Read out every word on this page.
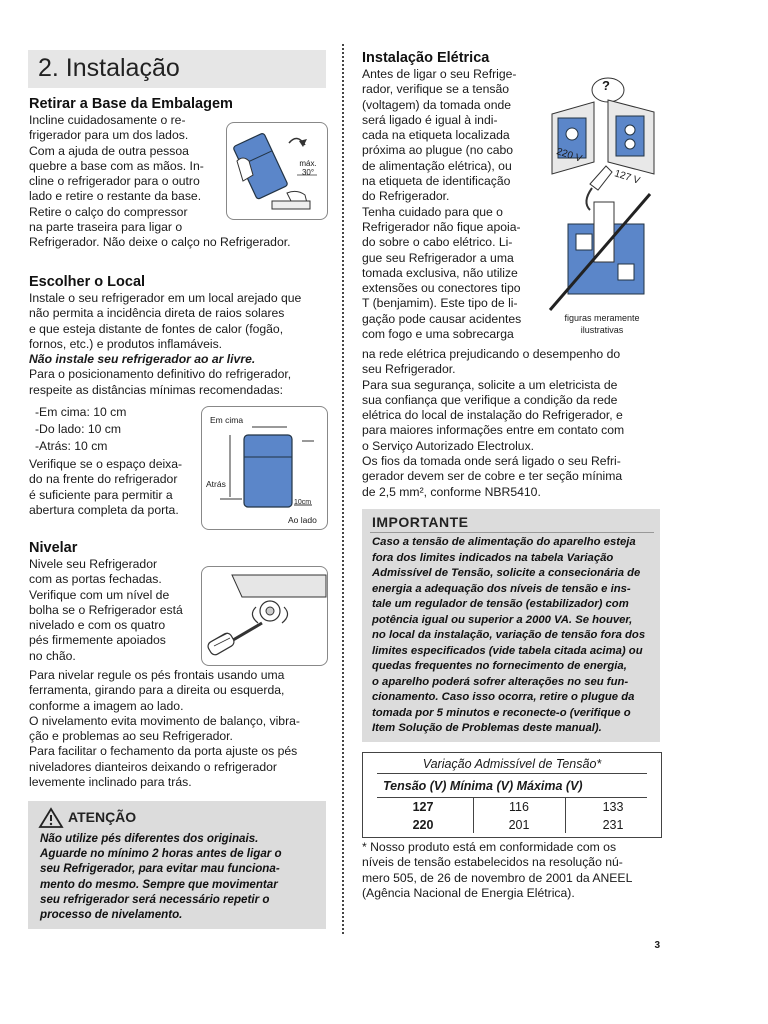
2. Instalação
Retirar a Base da Embalagem

Incline cuidadosamente o re-

frigerador para um dos lados.

Com a ajuda de outra pessoa

quebre a base com as mãos. In-

cline o refrigerador para o outro

lado e retire o restante da base.

Retire o calço do compressor

na parte traseira para ligar o

Refrigerador. Não deixe o calço no Refrigerador.

máx. 30°
Escolher o Local

Instale o seu refrigerador em um local arejado que

não permita a incidência direta de raios solares

e que esteja distante de fontes de calor (fogão,

fornos, etc.) e produtos inflamáveis.

Não instale seu refrigerador ao ar livre.

Para o posicionamento definitivo do refrigerador,

respeite as distâncias mínimas recomendadas:

-Em cima: 10 cm

-Do lado: 10 cm

-Atrás: 10 cm

Verifique se o espaço deixa-

do na frente do refrigerador

é suficiente para permitir a

abertura completa da porta.

Em cima
Atrás
Ao lado
10cm
Nivelar

Nivele seu Refrigerador

com as portas fechadas.

Verifique com um nível de

bolha se o Refrigerador está

nivelado e com os quatro

pés firmemente apoiados

no chão.

Para nivelar regule os pés frontais usando uma

ferramenta, girando para a direita ou esquerda,

conforme a imagem ao lado.

O nivelamento evita movimento de balanço, vibra-

ção e problemas ao seu Refrigerador.

Para facilitar o fechamento da porta ajuste os pés

niveladores dianteiros deixando o refrigerador

levemente inclinado para trás.

ATENÇÃO

Não utilize pés diferentes dos originais.

Aguarde no mínimo 2 horas antes de ligar o

seu Refrigerador, para evitar mau funciona-

mento do mesmo. Sempre que movimentar

seu refrigerador será necessário repetir o

processo de nivelamento.

Instalação Elétrica

Antes de ligar o seu Refrige-

rador, verifique se a tensão

(voltagem) da tomada onde

será ligado é igual à indi-

cada na etiqueta localizada

próxima ao plugue (no cabo

de alimentação elétrica), ou

na etiqueta de identificação

do Refrigerador.

Tenha cuidado para que o

Refrigerador não fique apoia-

do sobre o cabo elétrico. Li-

gue seu Refrigerador a uma

tomada exclusiva, não utilize

extensões ou conectores tipo

T (benjamim). Este tipo de li-

gação pode causar acidentes

com fogo e uma sobrecarga

?
220 V
127 V

figuras meramente

ilustrativas

na rede elétrica prejudicando o desempenho do

seu Refrigerador.

Para sua segurança, solicite a um eletricista de

sua confiança que verifique a condição da rede

elétrica do local de instalação do Refrigerador, e

para maiores informações entre em contato com

o Serviço Autorizado Electrolux.

Os fios da tomada onde será ligado o seu Refri-

gerador devem ser de cobre e ter seção mínima

de 2,5 mm², conforme NBR5410.

IMPORTANTE

Caso a tensão de alimentação do aparelho esteja

fora dos limites indicados na tabela Variação

Admissível de Tensão, solicite a consecionária de

energia a adequação dos níveis de tensão e ins-

tale um regulador de tensão (estabilizador) com

potência igual ou superior a 2000 VA. Se houver,

no local da instalação, variação de tensão fora dos

limites especificados (vide tabela citada acima) ou

quedas frequentes no fornecimento de energia,

o aparelho poderá sofrer alterações no seu fun-

cionamento. Caso isso ocorra, retire o plugue da

tomada por 5 minutos e reconecte-o (verifique o

Item Solução de Problemas deste manual).

Variação Admissível de Tensão*
Tensão (V) Mínima (V) Máxima (V)
127	116	133
220	201	231

* Nosso produto está em conformidade com os

níveis de tensão estabelecidos na resolução nú-

mero 505, de 26 de novembro de 2001 da ANEEL

(Agência Nacional de Energia Elétrica).

3
